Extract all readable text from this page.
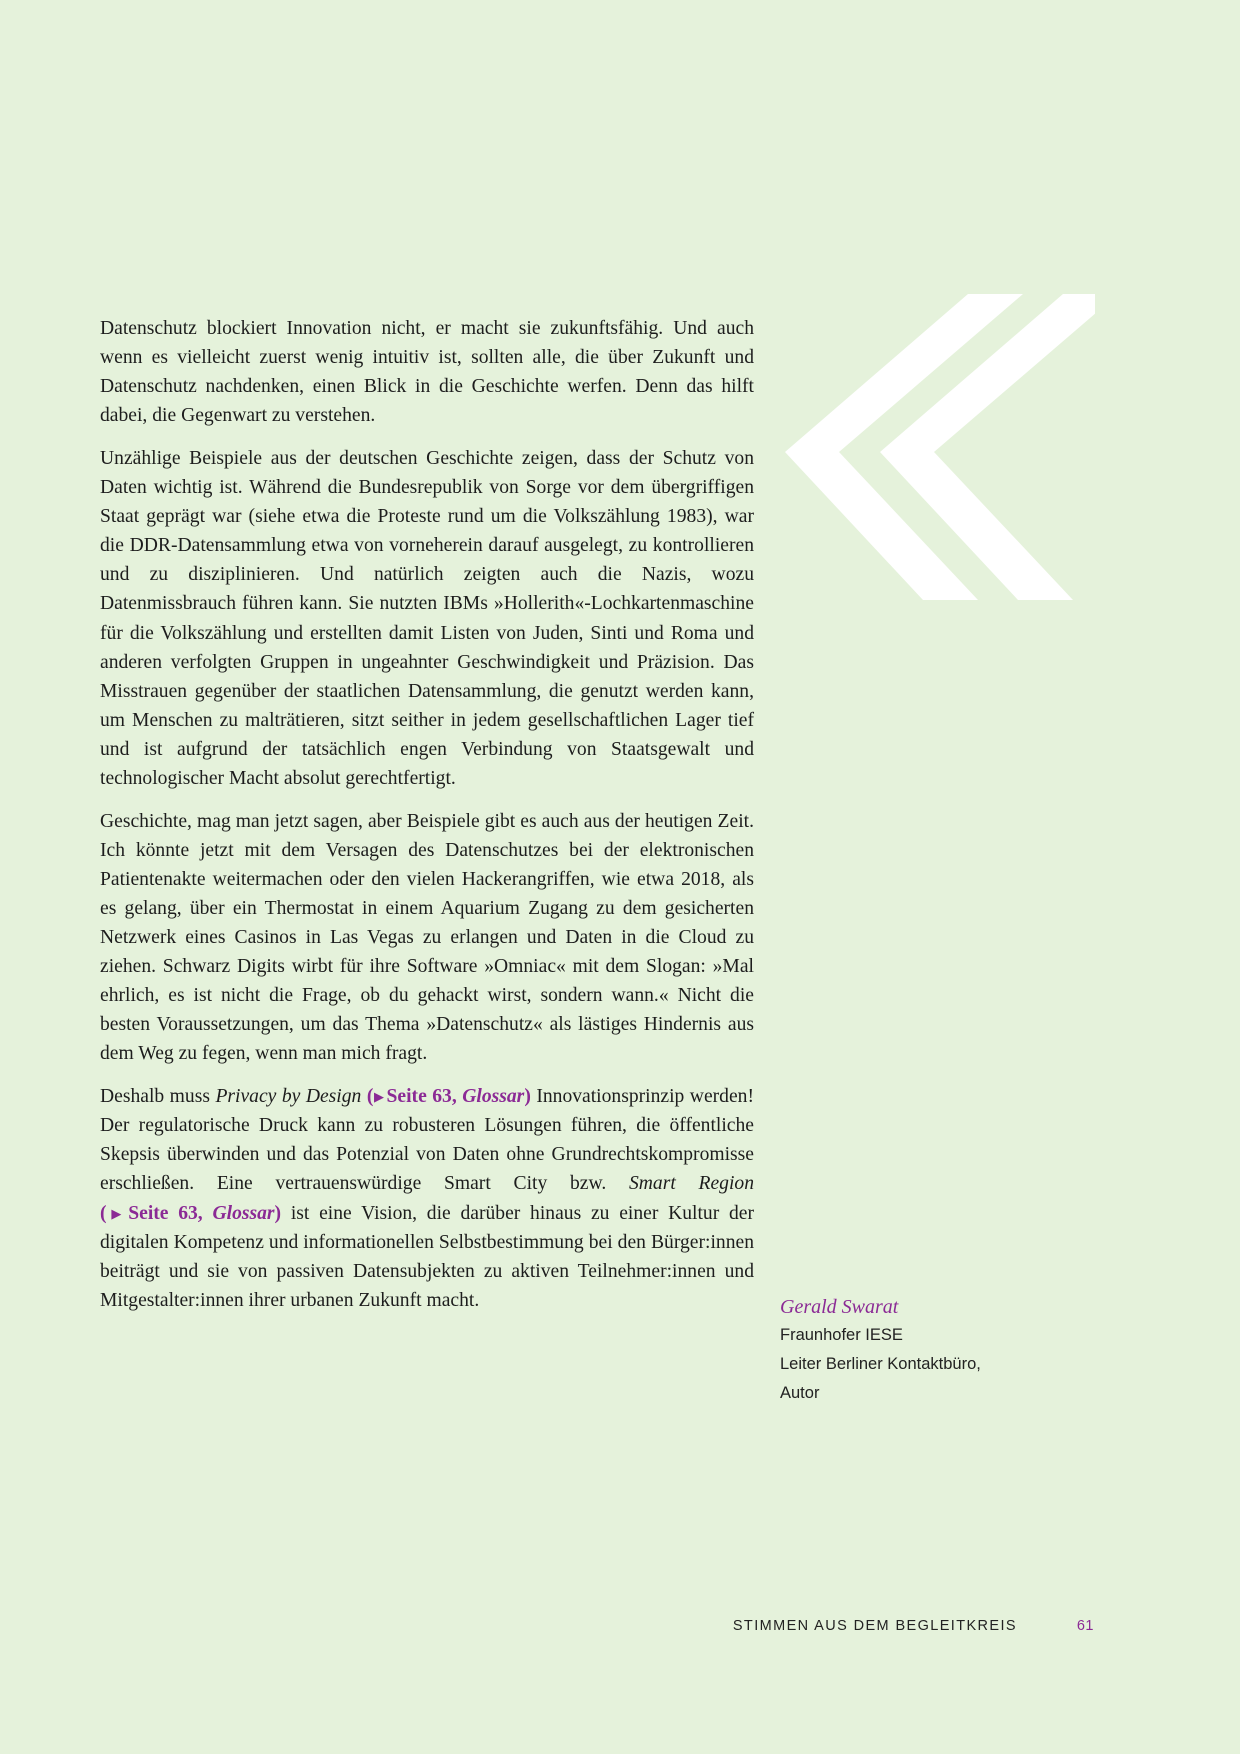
Datenschutz blockiert Innovation nicht, er macht sie zukunftsfähig. Und auch wenn es vielleicht zuerst wenig intuitiv ist, sollten alle, die über Zukunft und Datenschutz nachdenken, einen Blick in die Geschichte werfen. Denn das hilft dabei, die Gegenwart zu verstehen.

Unzählige Beispiele aus der deutschen Geschichte zeigen, dass der Schutz von Daten wichtig ist. Während die Bundesrepublik von Sorge vor dem übergriffigen Staat geprägt war (siehe etwa die Proteste rund um die Volkszählung 1983), war die DDR-Datensammlung etwa von vorneherein darauf ausgelegt, zu kontrollieren und zu disziplinieren. Und natürlich zeigten auch die Nazis, wozu Datenmissbrauch führen kann. Sie nutzten IBMs »Hollerith«-Lochkartenmaschine für die Volkszählung und erstellten damit Listen von Juden, Sinti und Roma und anderen verfolgten Gruppen in ungeahnter Geschwindigkeit und Präzision. Das Misstrauen gegenüber der staatlichen Datensammlung, die genutzt werden kann, um Menschen zu malträtieren, sitzt seither in jedem gesellschaftlichen Lager tief und ist aufgrund der tatsächlich engen Verbindung von Staatsgewalt und technologischer Macht absolut gerechtfertigt.

Geschichte, mag man jetzt sagen, aber Beispiele gibt es auch aus der heutigen Zeit. Ich könnte jetzt mit dem Versagen des Datenschutzes bei der elektronischen Patientenakte weitermachen oder den vielen Hackerangriffen, wie etwa 2018, als es gelang, über ein Thermostat in einem Aquarium Zugang zu dem gesicherten Netzwerk eines Casinos in Las Vegas zu erlangen und Daten in die Cloud zu ziehen. Schwarz Digits wirbt für ihre Software »Omniac« mit dem Slogan: »Mal ehrlich, es ist nicht die Frage, ob du gehackt wirst, sondern wann.« Nicht die besten Voraussetzungen, um das Thema »Datenschutz« als lästiges Hindernis aus dem Weg zu fegen, wenn man mich fragt.

Deshalb muss Privacy by Design (▶ Seite 63, Glossar) Innovationsprinzip werden! Der regulatorische Druck kann zu robusteren Lösungen führen, die öffentliche Skepsis überwinden und das Potenzial von Daten ohne Grundrechtskompromisse erschließen. Eine vertrauenswürdige Smart City bzw. Smart Region (▶ Seite 63, Glossar) ist eine Vision, die darüber hinaus zu einer Kultur der digitalen Kompetenz und informationellen Selbstbestimmung bei den Bürger:innen beiträgt und sie von passiven Datensubjekten zu aktiven Teilnehmer:innen und Mitgestalter:innen ihrer urbanen Zukunft macht.	Gerald Swarat
Fraunhofer IESE
Leiter Berliner Kontaktbüro,
Autor
STIMMEN AUS DEM BEGLEITKREIS	61
